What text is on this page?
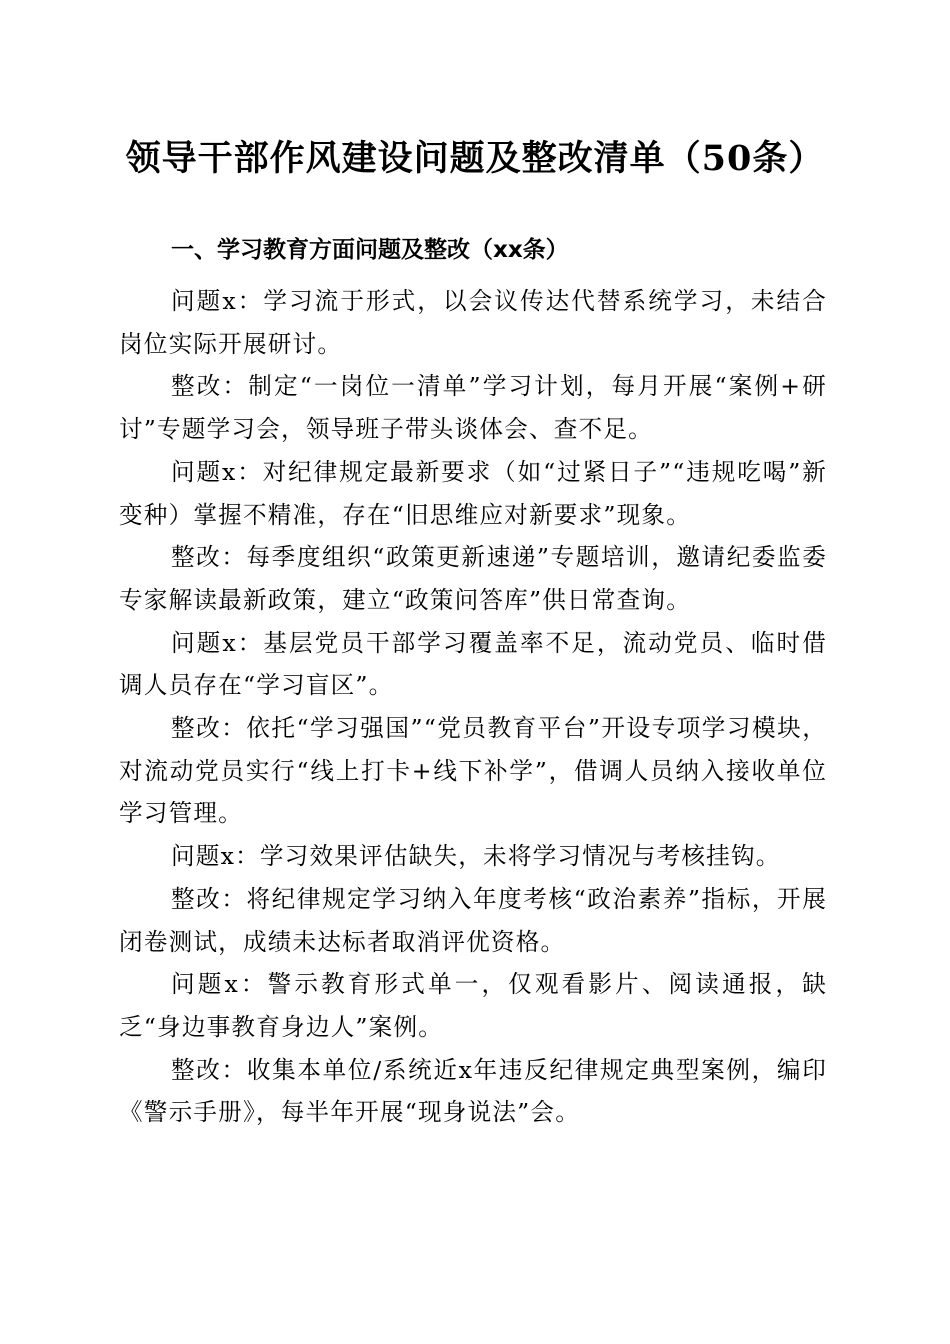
领导干部作风建设问题及整改清单（50条）
一、学习教育方面问题及整改（xx条）

问题x：学习流于形式，以会议传达代替系统学习，未结合岗位实际开展研讨。

整改：制定“一岗位一清单”学习计划，每月开展“案例+研讨”专题学习会，领导班子带头谈体会、查不足。

问题x：对纪律规定最新要求（如“过紧日子”“违规吃喝”新变种）掌握不精准，存在“旧思维应对新要求”现象。

整改：每季度组织“政策更新速递”专题培训，邀请纪委监委专家解读最新政策，建立“政策问答库”供日常查询。

问题x：基层党员干部学习覆盖率不足，流动党员、临时借调人员存在“学习盲区”。

整改：依托“学习强国”“党员教育平台”开设专项学习模块，对流动党员实行“线上打卡+线下补学”，借调人员纳入接收单位学习管理。

问题x：学习效果评估缺失，未将学习情况与考核挂钩。

整改：将纪律规定学习纳入年度考核“政治素养”指标，开展闭卷测试，成绩未达标者取消评优资格。

问题x：警示教育形式单一，仅观看影片、阅读通报，缺乏“身边事教育身边人”案例。

整改：收集本单位/系统近x年违反纪律规定典型案例，编印《警示手册》，每半年开展“现身说法”会。
